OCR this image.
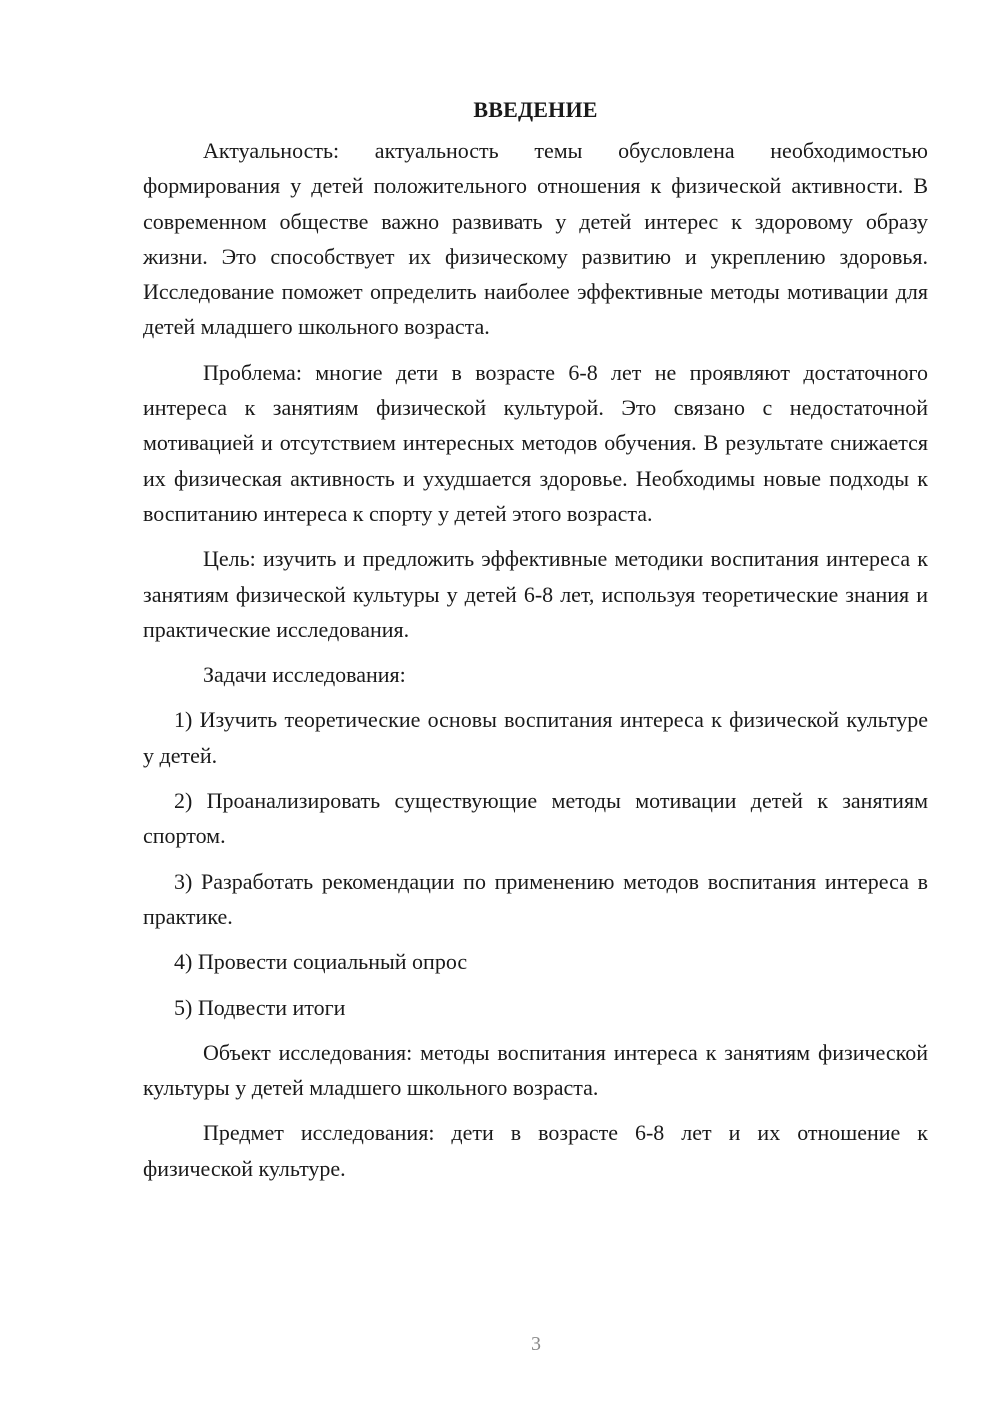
ВВЕДЕНИЕ

Актуальность: актуальность темы обусловлена необходимостью формирования у детей положительного отношения к физической активности. В современном обществе важно развивать у детей интерес к здоровому образу жизни. Это способствует их физическому развитию и укреплению здоровья. Исследование поможет определить наиболее эффективные методы мотивации для детей младшего школьного возраста.

Проблема: многие дети в возрасте 6-8 лет не проявляют достаточного интереса к занятиям физической культурой. Это связано с недостаточной мотивацией и отсутствием интересных методов обучения. В результате снижается их физическая активность и ухудшается здоровье. Необходимы новые подходы к воспитанию интереса к спорту у детей этого возраста.

Цель: изучить и предложить эффективные методики воспитания интереса к занятиям физической культуры у детей 6-8 лет, используя теоретические знания и практические исследования.

Задачи исследования:

1) Изучить теоретические основы воспитания интереса к физической культуре у детей.

2) Проанализировать существующие методы мотивации детей к занятиям спортом.

3) Разработать рекомендации по применению методов воспитания интереса в практике.

4) Провести социальный опрос

5) Подвести итоги

Объект исследования: методы воспитания интереса к занятиям физической культуры у детей младшего школьного возраста.

Предмет исследования: дети в возрасте 6-8 лет и их отношение к физической культуре.

3
